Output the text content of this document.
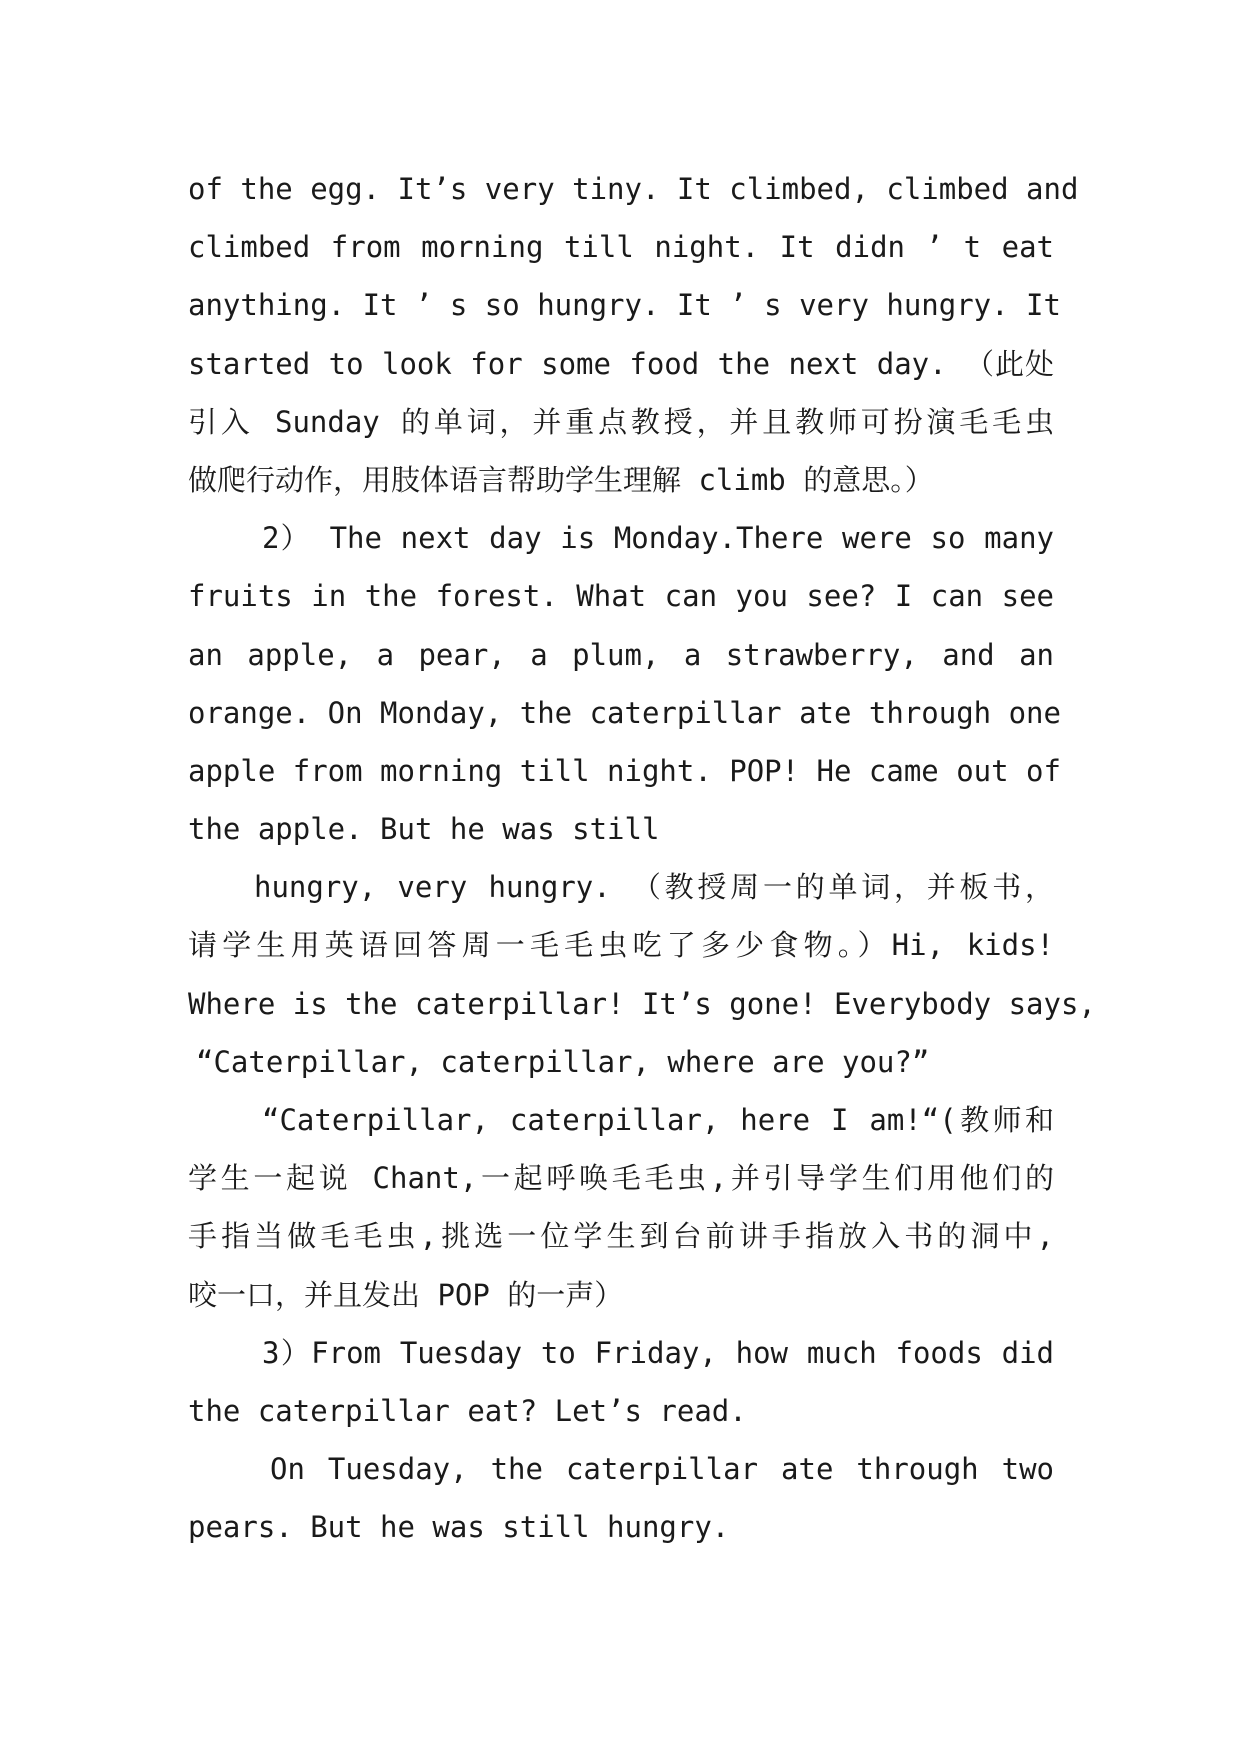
of the egg. It’s very tiny. It climbed, climbed and
climbed from morning till night. It didn ’ t eat
anything. It ’ s so hungry. It ’ s very hungry. It
started to look for some food the next day. （此处
引入 Sunday 的单词，并重点教授，并且教师可扮演毛毛虫
做爬行动作，用肢体语言帮助学生理解 climb 的意思。）
2） The next day is Monday.There were so many
fruits in the forest. What can you see? I can see
an apple, a pear, a plum, a strawberry, and an
orange. On Monday, the caterpillar ate through one
apple from morning till night. POP! He came out of
the apple. But he was still
hungry, very hungry. （教授周一的单词，并板书，
请学生用英语回答周一毛毛虫吃了多少食物。）Hi, kids!
Where is the caterpillar! It’s gone! Everybody says,
“Caterpillar, caterpillar, where are you?”
“Caterpillar, caterpillar, here I am!“(教师和
学生一起说 Chant,一起呼唤毛毛虫,并引导学生们用他们的
手指当做毛毛虫,挑选一位学生到台前讲手指放入书的洞中,
咬一口，并且发出 POP 的一声）
3）From Tuesday to Friday, how much foods did
the caterpillar eat? Let’s read.
On Tuesday, the caterpillar ate through two
pears. But he was still hungry.
